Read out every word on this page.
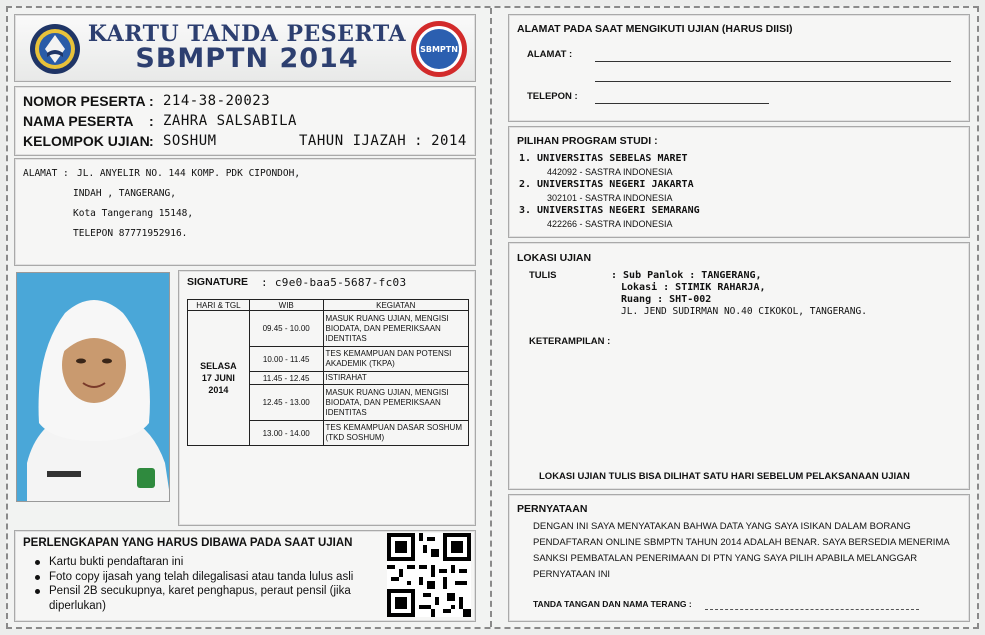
KARTU TANDA PESERTA
SBMPTN 2014	SBMPTN
NOMOR PESERTA : 214-38-20023
NAMA PESERTA	: ZAHRA SALSABILA
KELOMPOK UJIAN : SOSHUM	TAHUN IJAZAH : 2014
ALAMAT : JL. ANYELIR NO. 144 KOMP. PDK CIPONDOH,
INDAH , TANGERANG,
Kota Tangerang 15148,
TELEPON 87771952916.
SIGNATURE : c9e0-baa5-5687-fc03
HARI & TGL	WIB	KEGIATAN

SELASA
17 JUNI
2014	09.45 - 10.00	MASUK RUANG UJIAN, MENGISI BIODATA, DAN PEMERIKSAAN IDENTITAS
	10.00 - 11.45	TES KEMAMPUAN DAN POTENSI AKADEMIK (TKPA)
	11.45 - 12.45	ISTIRAHAT
	12.45 - 13.00	MASUK RUANG UJIAN, MENGISI BIODATA, DAN PEMERIKSAAN IDENTITAS
	13.00 - 14.00	TES KEMAMPUAN DASAR SOSHUM (TKD SOSHUM)
PERLENGKAPAN YANG HARUS DIBAWA PADA SAAT UJIAN
Kartu bukti pendaftaran ini
Foto copy ijasah yang telah dilegalisasi atau tanda lulus asli
Pensil 2B secukupnya, karet penghapus, peraut pensil (jika diperlukan)
ALAMAT PADA SAAT MENGIKUTI UJIAN (HARUS DIISI)
ALAMAT :
TELEPON :
PILIHAN PROGRAM STUDI :
1. UNIVERSITAS SEBELAS MARET
442092 - SASTRA INDONESIA
2. UNIVERSITAS NEGERI JAKARTA
302101 - SASTRA INDONESIA
3. UNIVERSITAS NEGERI SEMARANG
422266 - SASTRA INDONESIA
LOKASI UJIAN
TULIS	: Sub Panlok : TANGERANG,
Lokasi : STIMIK RAHARJA,
Ruang : SHT-002
JL. JEND SUDIRMAN NO.40 CIKOKOL, TANGERANG.
KETERAMPILAN :
LOKASI UJIAN TULIS BISA DILIHAT SATU HARI SEBELUM PELAKSANAAN UJIAN
PERNYATAAN
DENGAN INI SAYA MENYATAKAN BAHWA DATA YANG SAYA ISIKAN DALAM BORANG PENDAFTARAN ONLINE SBMPTN TAHUN 2014 ADALAH BENAR. SAYA BERSEDIA MENERIMA SANKSI PEMBATALAN PENERIMAAN DI PTN YANG SAYA PILIH APABILA MELANGGAR PERNYATAAN INI
TANDA TANGAN DAN NAMA TERANG :
